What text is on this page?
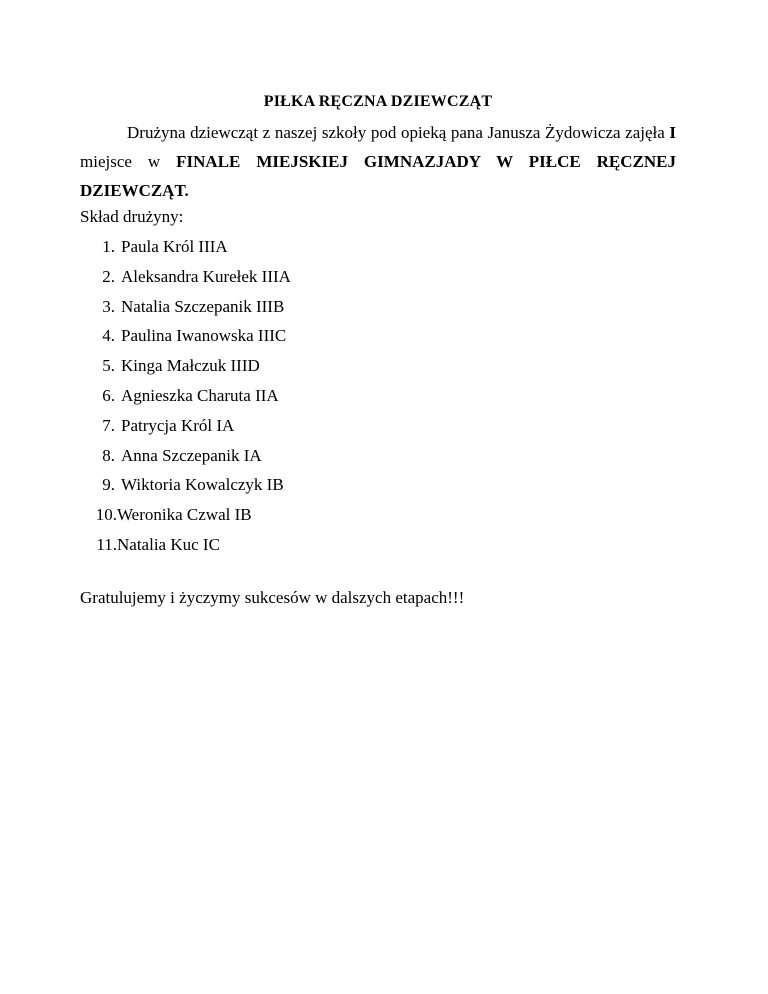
PIŁKA RĘCZNA DZIEWCZĄT

Drużyna dziewcząt z naszej szkoły pod opieką pana Janusza Żydowicza zajęła I miejsce w FINALE MIEJSKIEJ GIMNAZJADY W PIŁCE RĘCZNEJ DZIEWCZĄT.

Skład drużyny:

1. Paula Król IIIA
2. Aleksandra Kurełek IIIA
3. Natalia Szczepanik IIIB
4. Paulina Iwanowska IIIC
5. Kinga Małczuk IIID
6. Agnieszka Charuta IIA
7. Patrycja Król IA
8. Anna Szczepanik IA
9. Wiktoria Kowalczyk IB
10. Weronika Czwal IB
11. Natalia Kuc IC

Gratulujemy i życzymy sukcesów w dalszych etapach!!!
